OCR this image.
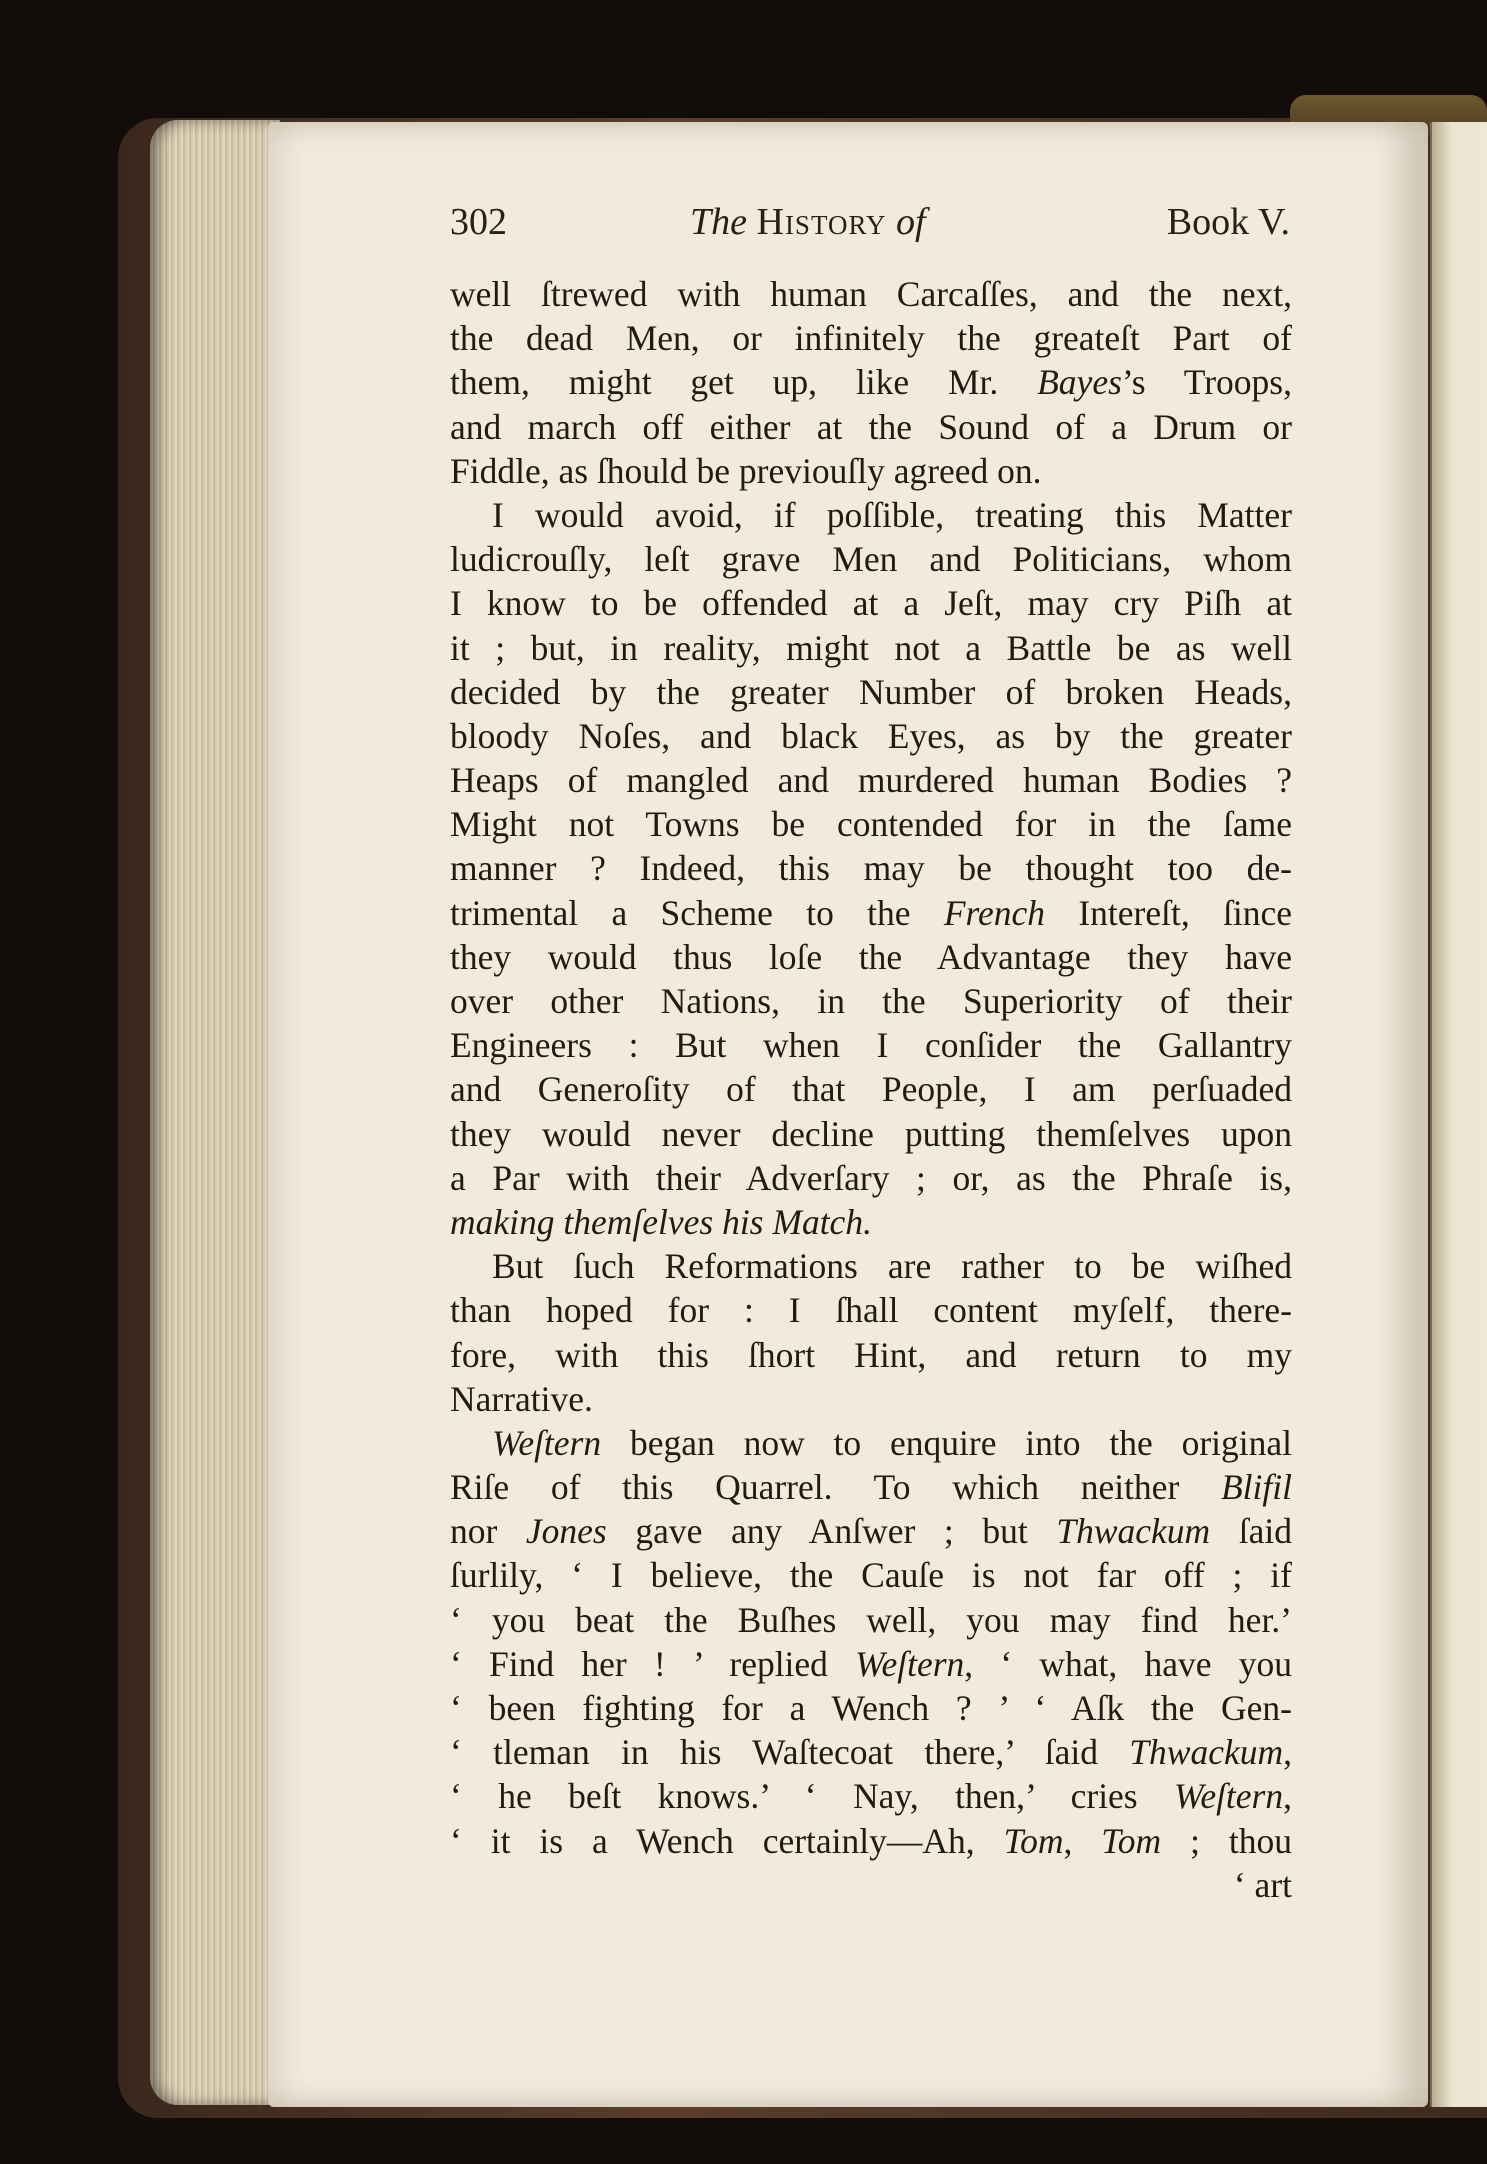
302	The History of	Book V.
well ſtrewed with human Carcaſſes, and the next,
the dead Men, or infinitely the greateſt Part of
them, might get up, like Mr. Bayes’s Troops,
and march off either at the Sound of a Drum or
Fiddle, as ſhould be previouſly agreed on.
I would avoid, if poſſible, treating this Matter
ludicrouſly, leſt grave Men and Politicians, whom
I know to be offended at a Jeſt, may cry Piſh at
it ; but, in reality, might not a Battle be as well
decided by the greater Number of broken Heads,
bloody Noſes, and black Eyes, as by the greater
Heaps of mangled and murdered human Bodies ?
Might not Towns be contended for in the ſame
manner ? Indeed, this may be thought too de-
trimental a Scheme to the French Intereſt, ſince
they would thus loſe the Advantage they have
over other Nations, in the Superiority of their
Engineers : But when I conſider the Gallantry
and Generoſity of that People, I am perſuaded
they would never decline putting themſelves upon
a Par with their Adverſary ; or, as the Phraſe is,
making themſelves his Match.
But ſuch Reformations are rather to be wiſhed
than hoped for : I ſhall content myſelf, there-
fore, with this ſhort Hint, and return to my
Narrative.
Weſtern began now to enquire into the original
Riſe of this Quarrel. To which neither Blifil
nor Jones gave any Anſwer ; but Thwackum ſaid
ſurlily, ‘ I believe, the Cauſe is not far off ; if
‘ you beat the Buſhes well, you may find her.’
‘ Find her ! ’ replied Weſtern, ‘ what, have you
‘ been fighting for a Wench ? ’ ‘ Aſk the Gen-
‘ tleman in his Waſtecoat there,’ ſaid Thwackum,
‘ he beſt knows.’ ‘ Nay, then,’ cries Weſtern,
‘ it is a Wench certainly—Ah, Tom, Tom ; thou
‘ art
